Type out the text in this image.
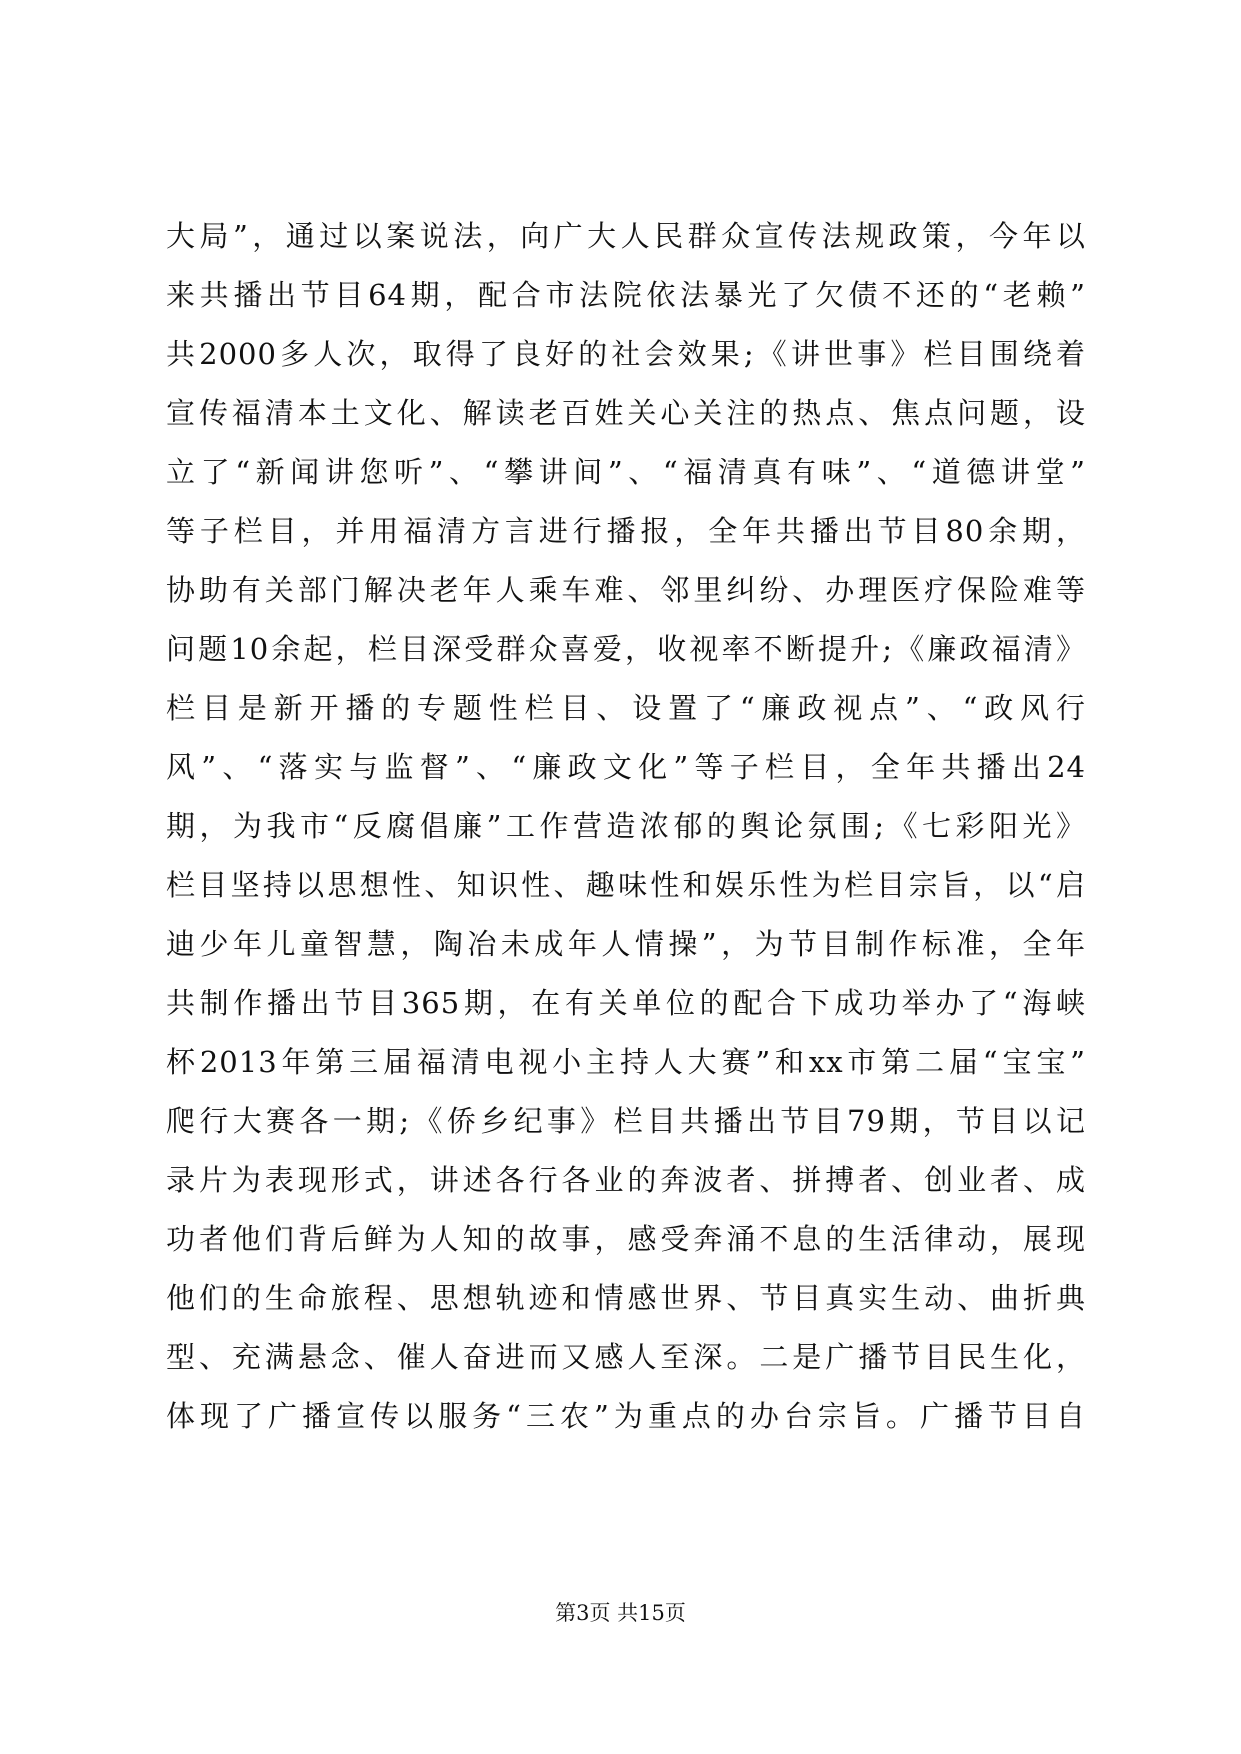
大局”，通过以案说法，向广大人民群众宣传法规政策，今年以
来共播出节目64期，配合市法院依法暴光了欠债不还的“老赖”
共2000多人次，取得了良好的社会效果;《讲世事》栏目围绕着
宣传福清本土文化、解读老百姓关心关注的热点、焦点问题，设
立了“新闻讲您听”、“攀讲间”、“福清真有味”、“道德讲堂”
等子栏目，并用福清方言进行播报，全年共播出节目80余期，
协助有关部门解决老年人乘车难、邻里纠纷、办理医疗保险难等
问题10余起，栏目深受群众喜爱，收视率不断提升;《廉政福清》
栏目是新开播的专题性栏目、设置了“廉政视点”、“政风行
风”、“落实与监督”、“廉政文化”等子栏目，全年共播出24
期，为我市“反腐倡廉”工作营造浓郁的舆论氛围;《七彩阳光》
栏目坚持以思想性、知识性、趣味性和娱乐性为栏目宗旨，以“启
迪少年儿童智慧，陶冶未成年人情操”，为节目制作标准，全年
共制作播出节目365期，在有关单位的配合下成功举办了“海峡
杯2013年第三届福清电视小主持人大赛”和xx市第二届“宝宝”
爬行大赛各一期;《侨乡纪事》栏目共播出节目79期，节目以记
录片为表现形式，讲述各行各业的奔波者、拼搏者、创业者、成
功者他们背后鲜为人知的故事，感受奔涌不息的生活律动，展现
他们的生命旅程、思想轨迹和情感世界、节目真实生动、曲折典
型、充满悬念、催人奋进而又感人至深。二是广播节目民生化，
体现了广播宣传以服务“三农”为重点的办台宗旨。广播节目自
第3页 共15页
